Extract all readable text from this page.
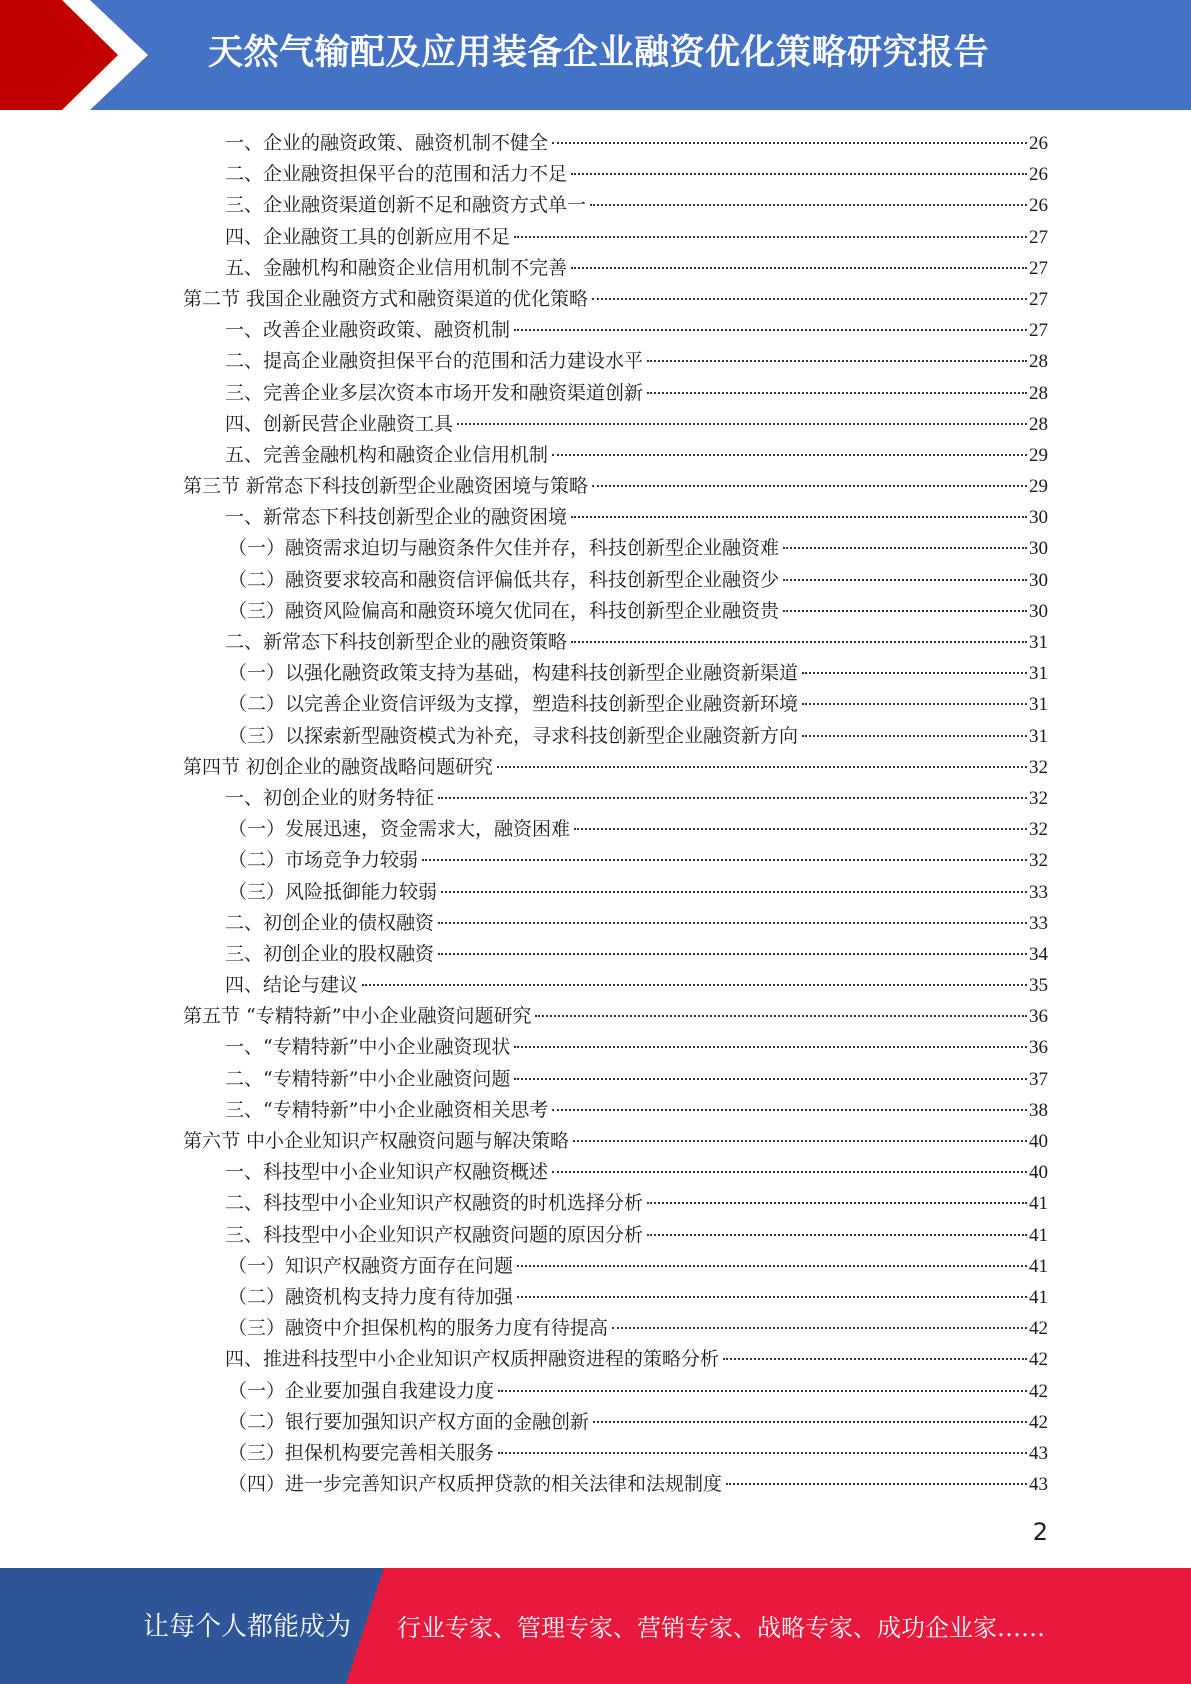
天然气输配及应用装备企业融资优化策略研究报告
一、企业的融资政策、融资机制不健全	26
二、企业融资担保平台的范围和活力不足	26
三、企业融资渠道创新不足和融资方式单一	26
四、企业融资工具的创新应用不足	27
五、金融机构和融资企业信用机制不完善	27
第二节 我国企业融资方式和融资渠道的优化策略	27
一、改善企业融资政策、融资机制	27
二、提高企业融资担保平台的范围和活力建设水平	28
三、完善企业多层次资本市场开发和融资渠道创新	28
四、创新民营企业融资工具	28
五、完善金融机构和融资企业信用机制	29
第三节 新常态下科技创新型企业融资困境与策略	29
一、新常态下科技创新型企业的融资困境	30
（一）融资需求迫切与融资条件欠佳并存，科技创新型企业融资难	30
（二）融资要求较高和融资信评偏低共存，科技创新型企业融资少	30
（三）融资风险偏高和融资环境欠优同在，科技创新型企业融资贵	30
二、新常态下科技创新型企业的融资策略	31
（一）以强化融资政策支持为基础，构建科技创新型企业融资新渠道	31
（二）以完善企业资信评级为支撑，塑造科技创新型企业融资新环境	31
（三）以探索新型融资模式为补充，寻求科技创新型企业融资新方向	31
第四节 初创企业的融资战略问题研究	32
一、初创企业的财务特征	32
（一）发展迅速，资金需求大，融资困难	32
（二）市场竞争力较弱	32
（三）风险抵御能力较弱	33
二、初创企业的债权融资	33
三、初创企业的股权融资	34
四、结论与建议	35
第五节 “专精特新”中小企业融资问题研究	36
一、“专精特新”中小企业融资现状	36
二、“专精特新”中小企业融资问题	37
三、“专精特新”中小企业融资相关思考	38
第六节 中小企业知识产权融资问题与解决策略	40
一、科技型中小企业知识产权融资概述	40
二、科技型中小企业知识产权融资的时机选择分析	41
三、科技型中小企业知识产权融资问题的原因分析	41
（一）知识产权融资方面存在问题	41
（二）融资机构支持力度有待加强	41
（三）融资中介担保机构的服务力度有待提高	42
四、推进科技型中小企业知识产权质押融资进程的策略分析	42
（一）企业要加强自我建设力度	42
（二）银行要加强知识产权方面的金融创新	42
（三）担保机构要完善相关服务	43
（四）进一步完善知识产权质押贷款的相关法律和法规制度	43
2
让每个人都能成为 行业专家、管理专家、营销专家、战略专家、成功企业家……
